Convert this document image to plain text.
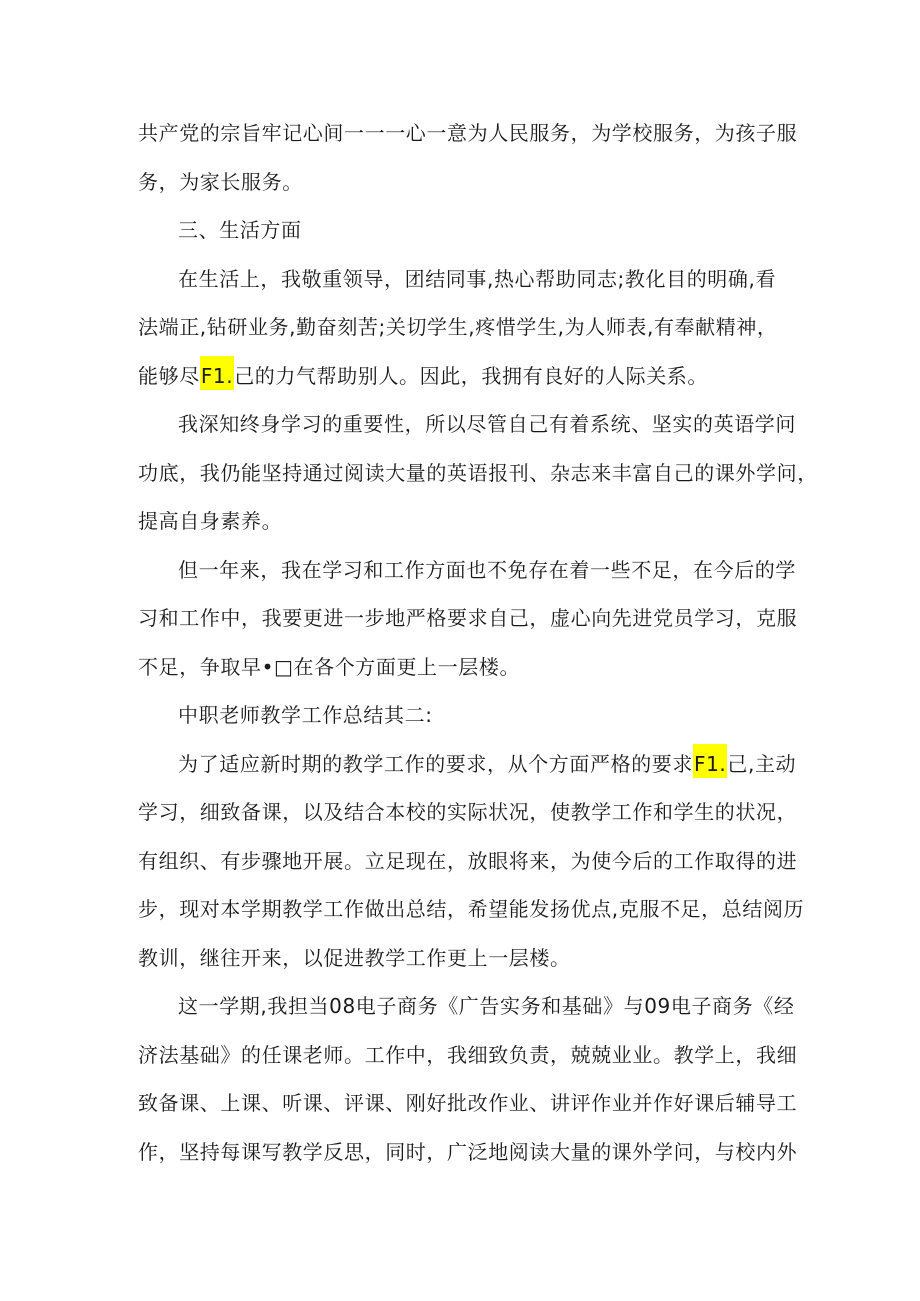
共产党的宗旨牢记心间一一一心一意为人民服务，为学校服务，为孩子服
务，为家长服务。
三、生活方面
在生活上，我敬重领导，团结同事,热心帮助同志;教化目的明确,看
法端正,钻研业务,勤奋刻苦;关切学生,疼惜学生,为人师表,有奉献精神，
能够尽F1.己的力气帮助别人。因此，我拥有良好的人际关系。
我深知终身学习的重要性，所以尽管自己有着系统、坚实的英语学问
功底，我仍能坚持通过阅读大量的英语报刊、杂志来丰富自己的课外学问，
提高自身素养。
但一年来，我在学习和工作方面也不免存在着一些不足，在今后的学
习和工作中，我要更进一步地严格要求自己，虚心向先进党员学习，克服
不足，争取早•□在各个方面更上一层楼。
中职老师教学工作总结其二:
为了适应新时期的教学工作的要求，从个方面严格的要求F1.己,主动
学习，细致备课，以及结合本校的实际状况，使教学工作和学生的状况，
有组织、有步骤地开展。立足现在，放眼将来，为使今后的工作取得的进
步，现对本学期教学工作做出总结，希望能发扬优点,克服不足，总结阅历
教训，继往开来，以促进教学工作更上一层楼。
这一学期,我担当08电子商务《广告实务和基础》与09电子商务《经
济法基础》的任课老师。工作中，我细致负责，兢兢业业。教学上，我细
致备课、上课、听课、评课、刚好批改作业、讲评作业并作好课后辅导工
作，坚持每课写教学反思，同时，广泛地阅读大量的课外学问，与校内外
